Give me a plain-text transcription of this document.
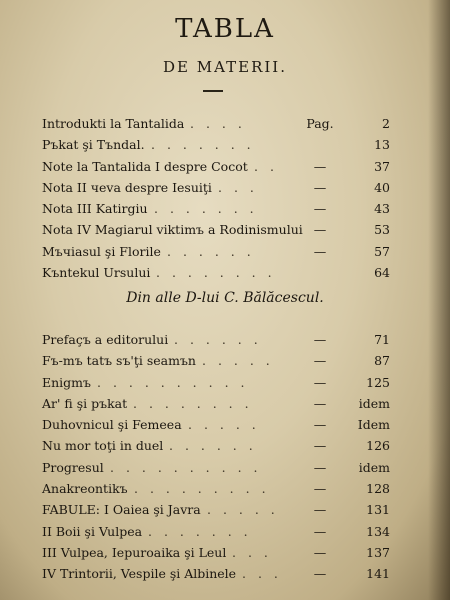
TABLA
DE MATERII.
Introdukti la Tantalida . . . .	Pag.	2
Pъkat şi Tъndal. . . . . . . .	13
Note la Tantalida I despre Cocot . .	—	37
Nota II чeva despre Iesuiţi . . .	—	40
Nota III Katirgiu . . . . . . .	—	43
Nota IV Magiarul viktimъ a Rodinismului —	53
Mъчiasul şi Florile . . . . . .	—	57
Kъntekul Ursului . . . . . . . .	64
Din alle D-lui C. Bălăcescul.
Prefaçъ a editorului . . . . . .	—	71
Fъ-mъ tatъ sъ'ţi seamъn . . . . .	—	87
Enigmъ . . . . . . . . . .	—	125
Ar' fi şi pъkat . . . . . . . .	—	idem
Duhovnicul şi Femeea . . . . .	—	Idem
Nu mor toţi in duel . . . . . .	—	126
Progresul . . . . . . . . . .	—	idem
Anakreontikъ . . . . . . . . .	—	128
FABULE: I Oaiea şi Javra . . . . .	—	131
II Boii şi Vulpea . . . . . . .	—	134
III Vulpea, Iepuroaika şi Leul . . .	—	137
IV Trintorii, Vespile şi Albinele . . .	—	141
